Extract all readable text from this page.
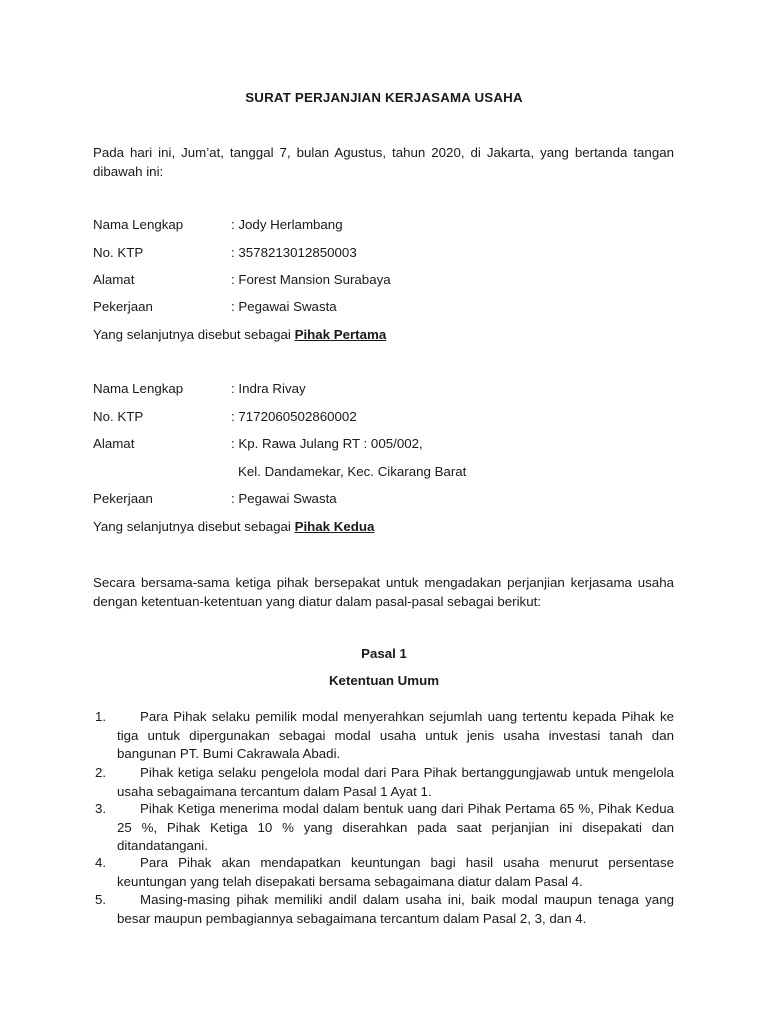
SURAT PERJANJIAN KERJASAMA USAHA
Pada hari ini, Jum’at, tanggal 7, bulan Agustus, tahun 2020, di Jakarta, yang bertanda tangan dibawah ini:
Nama Lengkap	: Jody Herlambang
No. KTP	: 3578213012850003
Alamat	: Forest Mansion Surabaya
Pekerjaan	: Pegawai Swasta
Yang selanjutnya disebut sebagai Pihak Pertama
Nama Lengkap	: Indra Rivay
No. KTP	: 7172060502860002
Alamat	: Kp. Rawa Julang RT : 005/002,
Kel. Dandamekar, Kec. Cikarang Barat
Pekerjaan	: Pegawai Swasta
Yang selanjutnya disebut sebagai Pihak Kedua
Secara bersama-sama ketiga pihak bersepakat untuk mengadakan perjanjian kerjasama usaha dengan ketentuan-ketentuan yang diatur dalam pasal-pasal sebagai berikut:
Pasal 1
Ketentuan Umum
1.	Para Pihak selaku pemilik modal menyerahkan sejumlah uang tertentu kepada Pihak ke tiga untuk dipergunakan sebagai modal usaha untuk jenis usaha investasi tanah dan bangunan PT. Bumi Cakrawala Abadi.
2.	Pihak ketiga selaku pengelola modal dari Para Pihak bertanggungjawab untuk mengelola usaha sebagaimana tercantum dalam Pasal 1 Ayat 1.
3.	Pihak Ketiga menerima modal dalam bentuk uang dari Pihak Pertama 65 %, Pihak Kedua 25 %, Pihak Ketiga 10 % yang diserahkan pada saat perjanjian ini disepakati dan ditandatangani.
4.	Para Pihak akan mendapatkan keuntungan bagi hasil usaha menurut persentase keuntungan yang telah disepakati bersama sebagaimana diatur dalam Pasal 4.
5.	Masing-masing pihak memiliki andil dalam usaha ini, baik modal maupun tenaga yang besar maupun pembagiannya sebagaimana tercantum dalam Pasal 2, 3, dan 4.
